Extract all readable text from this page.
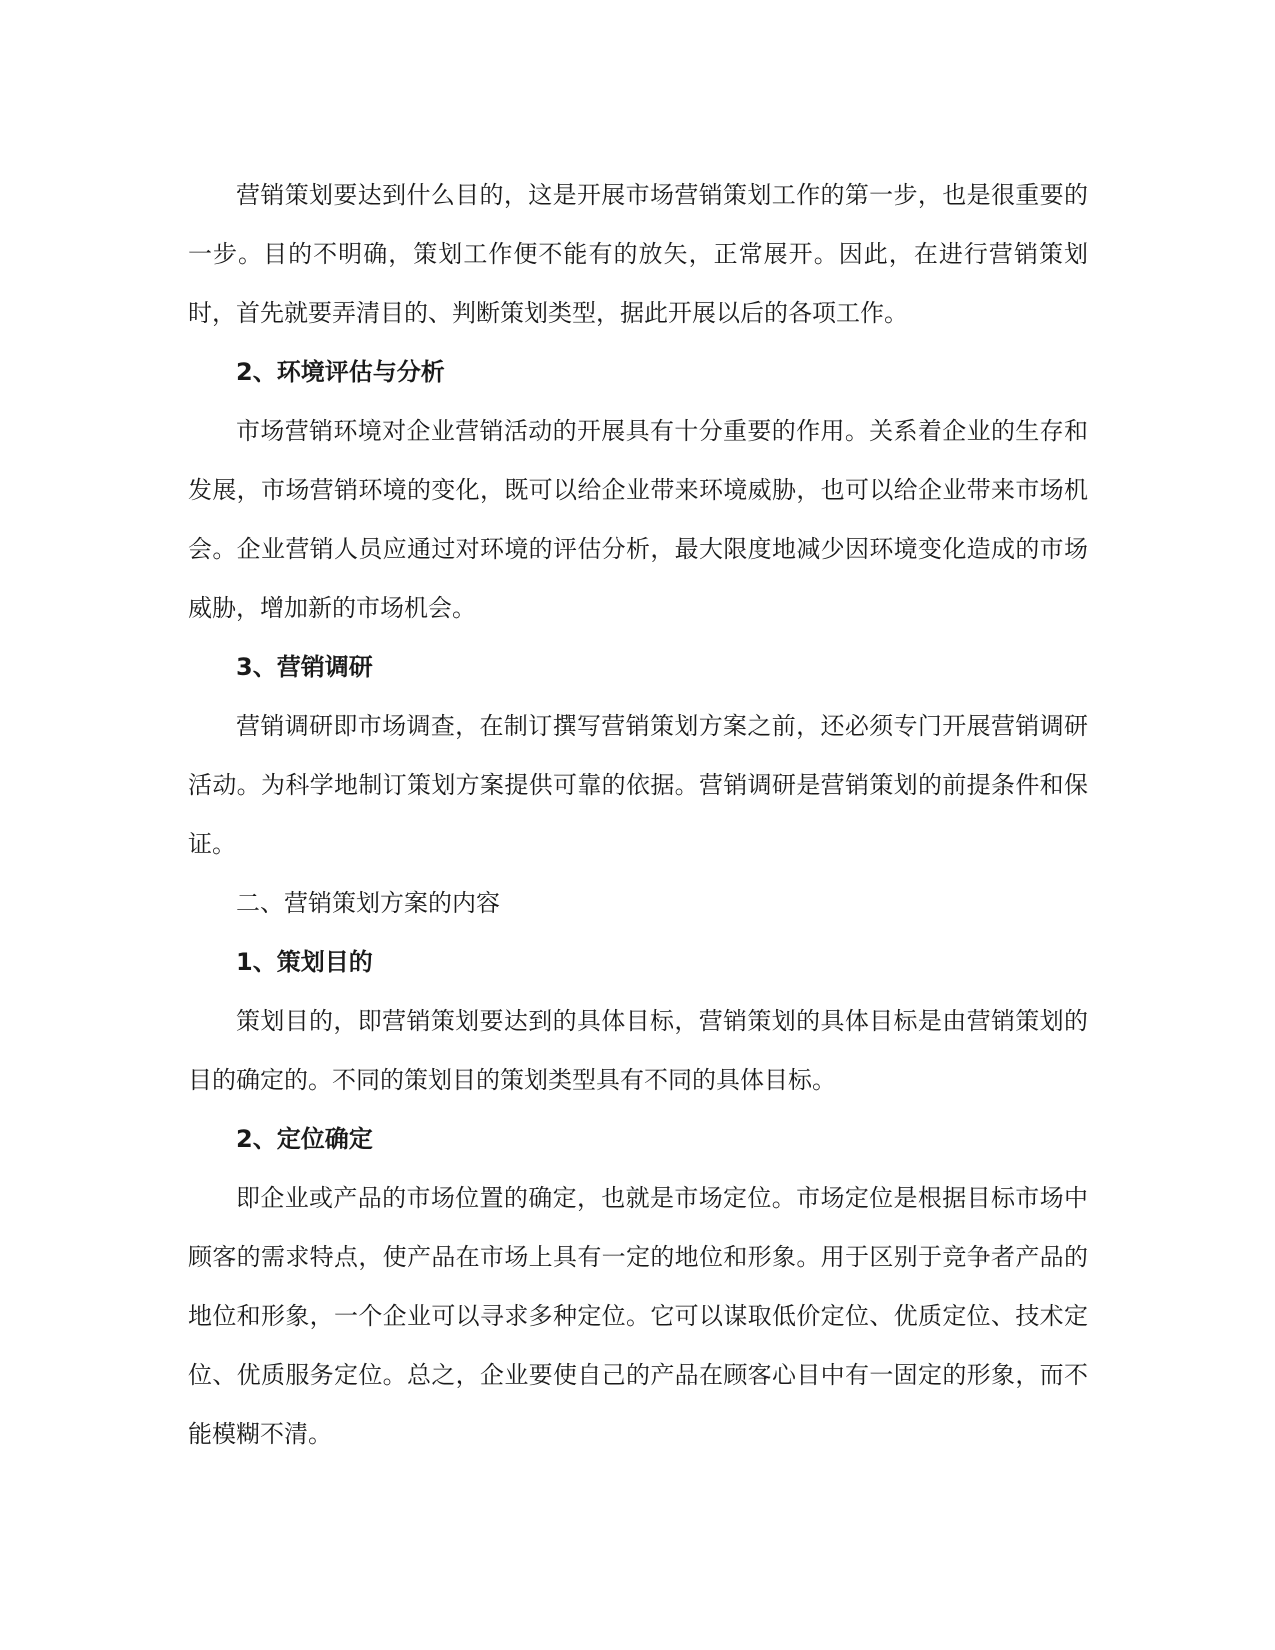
营销策划要达到什么目的，这是开展市场营销策划工作的第一步，也是很重要的一步。目的不明确，策划工作便不能有的放矢，正常展开。因此，在进行营销策划时，首先就要弄清目的、判断策划类型，据此开展以后的各项工作。

2、环境评估与分析

市场营销环境对企业营销活动的开展具有十分重要的作用。关系着企业的生存和发展，市场营销环境的变化，既可以给企业带来环境威胁，也可以给企业带来市场机会。企业营销人员应通过对环境的评估分析，最大限度地减少因环境变化造成的市场威胁，增加新的市场机会。

3、营销调研

营销调研即市场调查，在制订撰写营销策划方案之前，还必须专门开展营销调研活动。为科学地制订策划方案提供可靠的依据。营销调研是营销策划的前提条件和保证。

二、营销策划方案的内容

1、策划目的

策划目的，即营销策划要达到的具体目标，营销策划的具体目标是由营销策划的目的确定的。不同的策划目的策划类型具有不同的具体目标。

2、定位确定

即企业或产品的市场位置的确定，也就是市场定位。市场定位是根据目标市场中顾客的需求特点，使产品在市场上具有一定的地位和形象。用于区别于竞争者产品的地位和形象，一个企业可以寻求多种定位。它可以谋取低价定位、优质定位、技术定位、优质服务定位。总之，企业要使自己的产品在顾客心目中有一固定的形象，而不能模糊不清。
